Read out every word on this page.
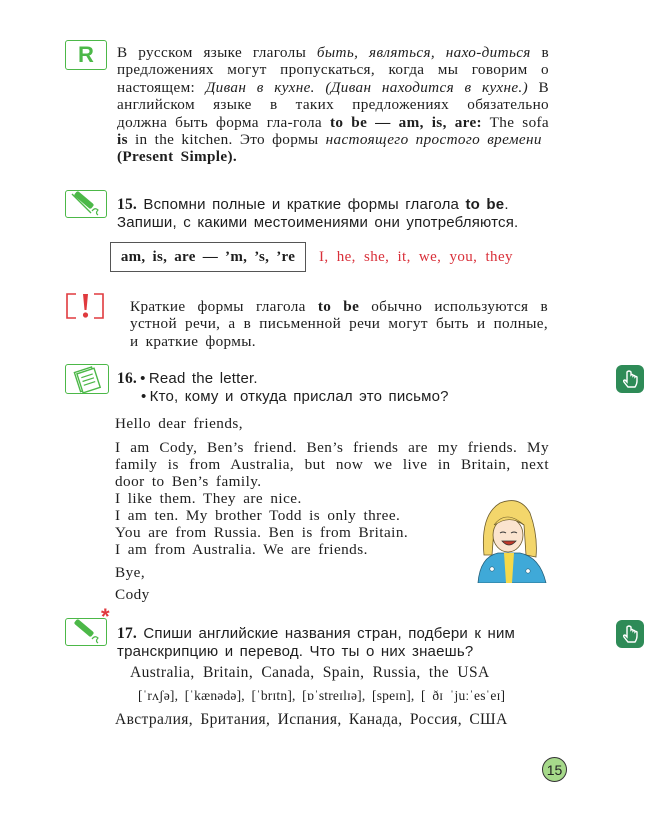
R В русском языке глаголы быть, являться, нахо-диться в предложениях могут пропускаться, когда мы говорим о настоящем: Диван в кухне. (Диван находится в кухне.) В английском языке в таких предложениях обязательно должна быть форма гла-гола to be — am, is, are: The sofa is in the kitchen. Это формы настоящего простого времени
(Present Simple).
15. Вспомни полные и краткие формы глагола to be. Запиши, с какими местоимениями они употребляются.
am, is, are — ’m, ’s, ’re I, he, she, it, we, you, they
Краткие формы глагола to be обычно используются в устной речи, а в письменной речи могут быть и полные, и краткие формы.
16. • Read the letter.
• Кто, кому и откуда прислал это письмо?
Hello dear friends,
I am Cody, Ben’s friend. Ben’s friends are my friends. My family is from Australia, but now we live in Britain, next door to Ben’s family.
I like them. They are nice.
I am ten. My brother Todd is only three.
You are from Russia. Ben is from Britain.
I am from Australia. We are friends.
Bye,
Cody
*
17. Спиши английские названия стран, подбери к ним транскрипцию и перевод. Что ты о них знаешь?
Australia, Britain, Canada, Spain, Russia, the USA
[ˈrʌʃə], [ˈkænədə], [ˈbrɪtn], [ɒˈstreɪlɪə], [speɪn], [ ðɪ ˈjuːˈesˈeɪ]
Австралия, Британия, Испания, Канада, Россия, США
15
